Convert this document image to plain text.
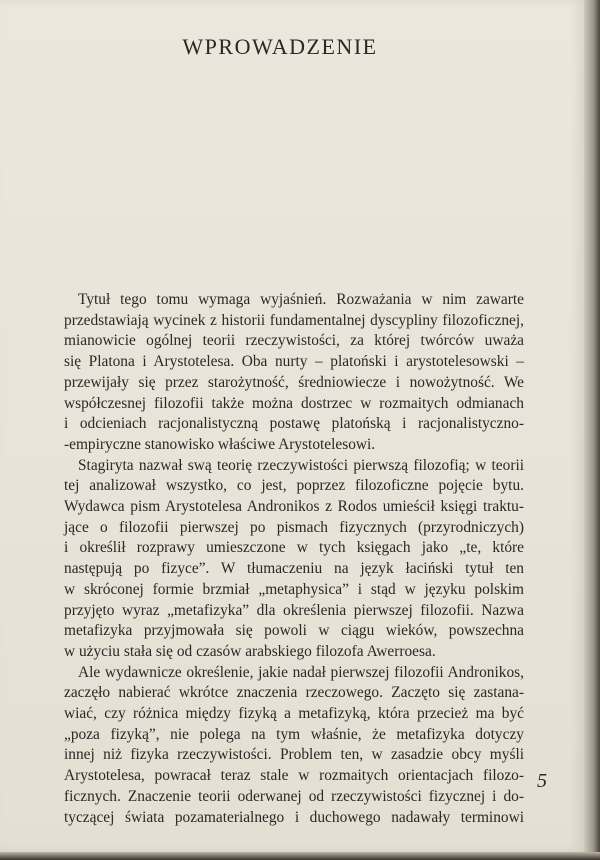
WPROWADZENIE
Tytuł tego tomu wymaga wyjaśnień. Rozważania w nim zawarte
przedstawiają wycinek z historii fundamentalnej dyscypliny filozoficznej,
mianowicie ogólnej teorii rzeczywistości, za której twórców uważa
się Platona i Arystotelesa. Oba nurty – platoński i arystotelesowski –
przewijały się przez starożytność, średniowiecze i nowożytność. We
współczesnej filozofii także można dostrzec w rozmaitych odmianach
i odcieniach racjonalistyczną postawę platońską i racjonalistyczno-
-empiryczne stanowisko właściwe Arystotelesowi.
Stagiryta nazwał swą teorię rzeczywistości pierwszą filozofią; w teorii
tej analizował wszystko, co jest, poprzez filozoficzne pojęcie bytu.
Wydawca pism Arystotelesa Andronikos z Rodos umieścił księgi traktu-
jące o filozofii pierwszej po pismach fizycznych (przyrodniczych)
i określił rozprawy umieszczone w tych księgach jako „te, które
następują po fizyce”. W tłumaczeniu na język łaciński tytuł ten
w skróconej formie brzmiał „metaphysica” i stąd w języku polskim
przyjęto wyraz „metafizyka” dla określenia pierwszej filozofii. Nazwa
metafizyka przyjmowała się powoli w ciągu wieków, powszechna
w użyciu stała się od czasów arabskiego filozofa Awerroesa.
Ale wydawnicze określenie, jakie nadał pierwszej filozofii Andronikos,
zaczęło nabierać wkrótce znaczenia rzeczowego. Zaczęto się zastana-
wiać, czy różnica między fizyką a metafizyką, która przecież ma być
„poza fizyką”, nie polega na tym właśnie, że metafizyka dotyczy
innej niż fizyka rzeczywistości. Problem ten, w zasadzie obcy myśli
Arystotelesa, powracał teraz stale w rozmaitych orientacjach filozo-
ficznych. Znaczenie teorii oderwanej od rzeczywistości fizycznej i do-
tyczącej świata pozamaterialnego i duchowego nadawały terminowi
5
